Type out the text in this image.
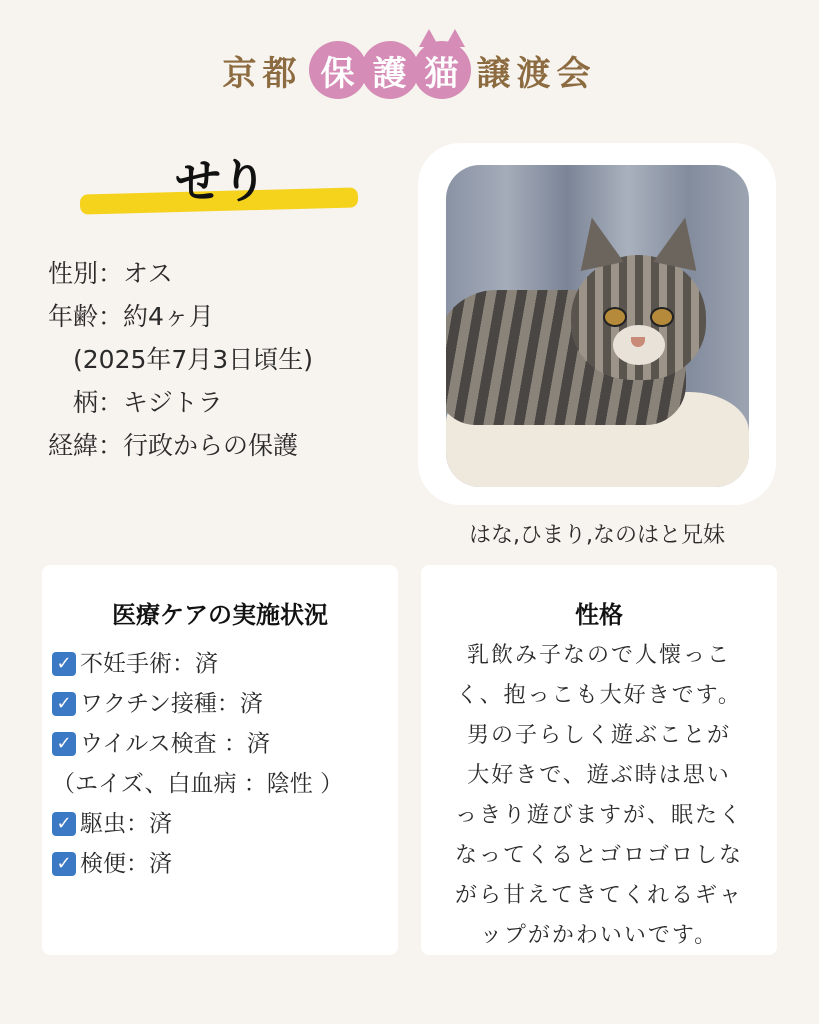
京都 保 護 猫 譲渡会
せり
性別：オス
年齢：約4ヶ月
　(2025年7月3日頃生)
　柄：キジトラ
経緯：行政からの保護
はな,ひまり,なのはと兄妹
医療ケアの実施状況
✓ 不妊手術：済
✓ ワクチン接種：済
✓ ウイルス検査 ：済
（エイズ、白血病 ：陰性 ）
✓ 駆虫：済
✓ 検便：済
性格
乳飲み子なので人懐っこ
く、抱っこも大好きです。
男の子らしく遊ぶことが
大好きで、遊ぶ時は思い
っきり遊びますが、眠たく
なってくるとゴロゴロしな
がら甘えてきてくれるギャ
ップがかわいいです。
